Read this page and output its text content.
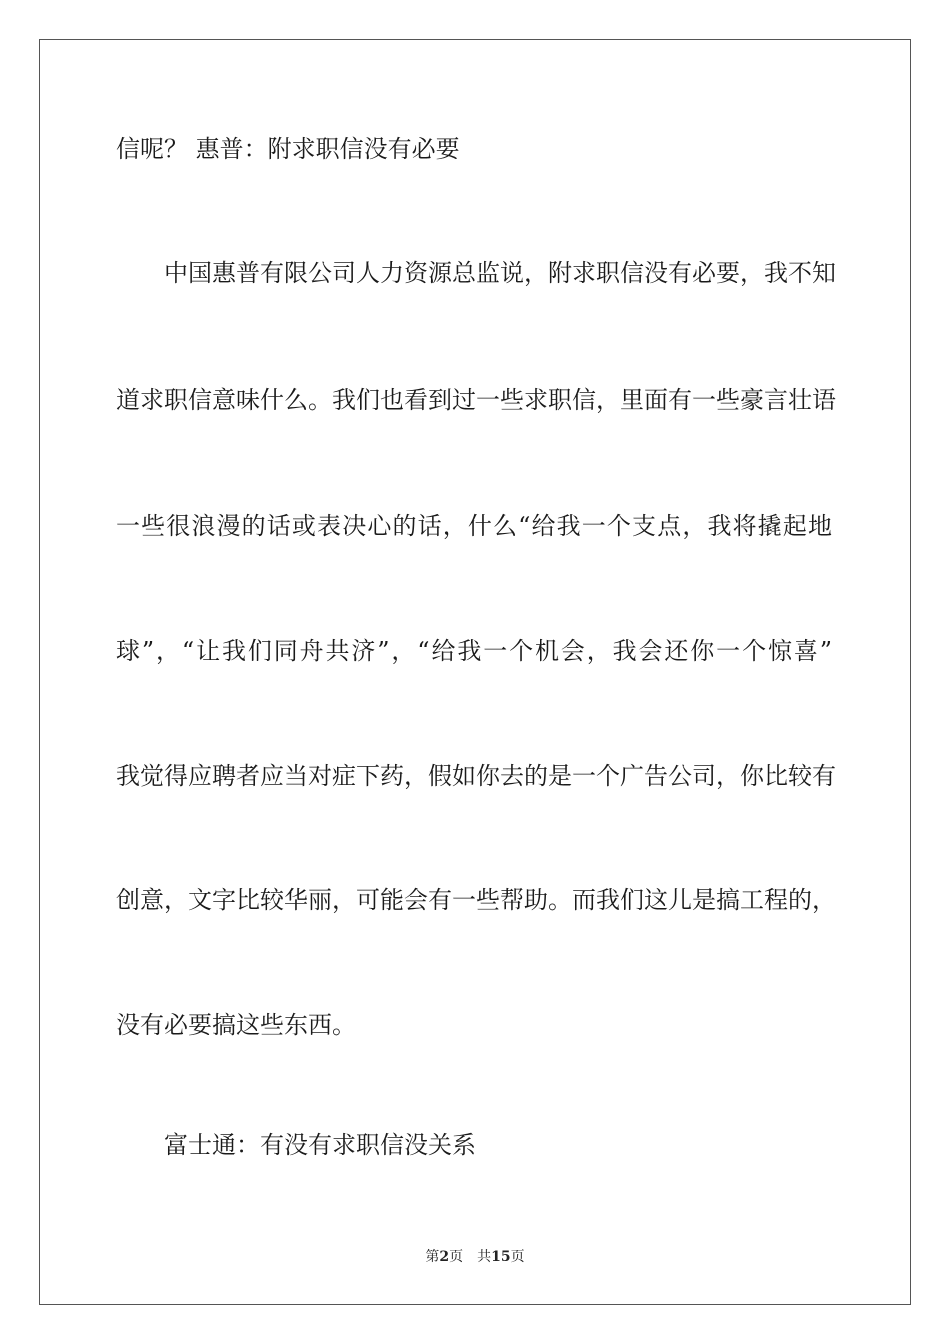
信呢？ 惠普：附求职信没有必要
中国惠普有限公司人力资源总监说，附求职信没有必要，我不知
道求职信意味什么。我们也看到过一些求职信，里面有一些豪言壮语
一些很浪漫的话或表决心的话，什么“给我一个支点，我将撬起地
球”，“让我们同舟共济”，“给我一个机会，我会还你一个惊喜”
我觉得应聘者应当对症下药，假如你去的是一个广告公司，你比较有
创意，文字比较华丽，可能会有一些帮助。而我们这儿是搞工程的，
没有必要搞这些东西。
富士通：有没有求职信没关系
第2页 共15页
